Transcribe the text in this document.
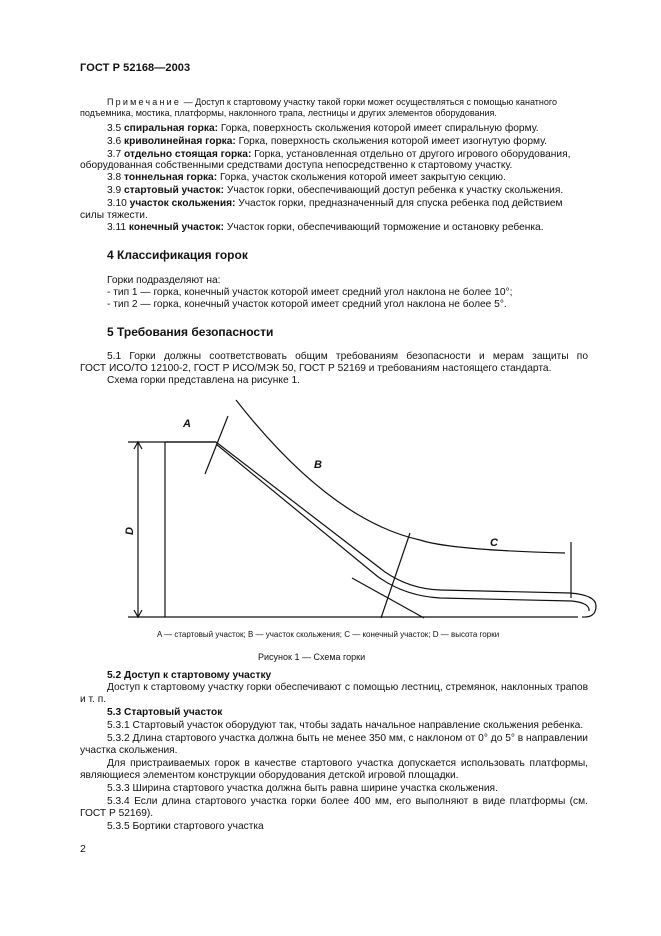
ГОСТ Р 52168—2003
Примечание — Доступ к стартовому участку такой горки может осуществляться с помощью канатного
подъемника, мостика, платформы, наклонного трапа, лестницы и других элементов оборудования.
3.5 спиральная горка: Горка, поверхность скольжения которой имеет спиральную форму.
3.6 криволинейная горка: Горка, поверхность скольжения которой имеет изогнутую форму.
3.7 отдельно стоящая горка: Горка, установленная отдельно от другого игрового оборудования,
оборудованная собственными средствами доступа непосредственно к стартовому участку.
3.8 тоннельная горка: Горка, участок скольжения которой имеет закрытую секцию.
3.9 стартовый участок: Участок горки, обеспечивающий доступ ребенка к участку скольжения.
3.10 участок скольжения: Участок горки, предназначенный для спуска ребенка под действием
силы тяжести.
3.11 конечный участок: Участок горки, обеспечивающий торможение и остановку ребенка.
4 Классификация горок
Горки подразделяют на:
- тип 1 — горка, конечный участок которой имеет средний угол наклона не более 10°;
- тип 2 — горка, конечный участок которой имеет средний угол наклона не более 5°.
5 Требования безопасности
5.1 Горки должны соответствовать общим требованиям безопасности и мерам защиты по
ГОСТ ИСО/ТО 12100-2, ГОСТ Р ИСО/МЭК 50, ГОСТ Р 52169 и требованиям настоящего стандарта.
Схема горки представлена на рисунке 1.
A
B
C
D
A — стартовый участок; B — участок скольжения; C — конечный участок; D — высота горки
Рисунок 1 — Схема горки
5.2 Доступ к стартовому участку
Доступ к стартовому участку горки обеспечивают с помощью лестниц, стремянок, наклонных трапов
и т. п.
5.3 Стартовый участок
5.3.1 Стартовый участок оборудуют так, чтобы задать начальное направление скольжения ребенка.
5.3.2 Длина стартового участка должна быть не менее 350 мм, с наклоном от 0° до 5° в направлении
участка скольжения.
Для пристраиваемых горок в качестве стартового участка допускается использовать платформы,
являющиеся элементом конструкции оборудования детской игровой площадки.
5.3.3 Ширина стартового участка должна быть равна ширине участка скольжения.
5.3.4 Если длина стартового участка горки более 400 мм, его выполняют в виде платформы (см.
ГОСТ Р 52169).
5.3.5 Бортики стартового участка
2
